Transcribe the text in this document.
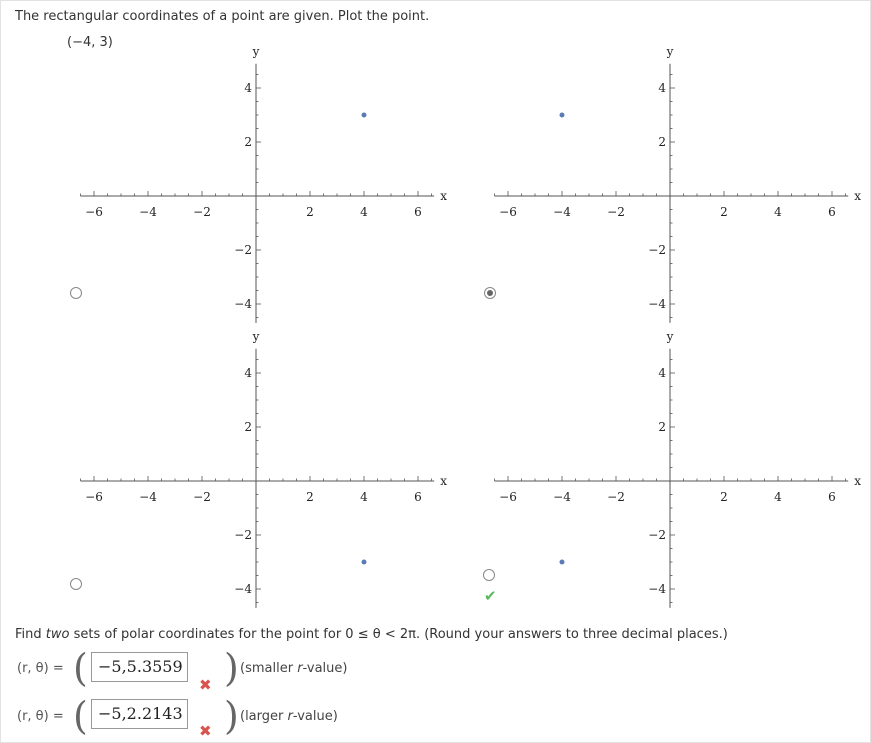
The rectangular coordinates of a point are given. Plot the point.
(−4, 3)
−6	−4	−2	2	4	6
4
2
−2
−4
x
y
−6	−4	−2	2	4	6
4
2
−2
−4
x
y
−6	−4	−2	2	4	6
4
2
−2
−4
x
y
−6	−4	−2	2	4	6
4
2
−2
−4
x
y
✔
Find two sets of polar coordinates for the point for 0 ≤ θ < 2π. (Round your answers to three decimal places.)
(r, θ) = ( −5,5.3559
✖ ) (smaller r-value)
(r, θ) = ( −5,2.2143
✖ ) (larger r-value)
